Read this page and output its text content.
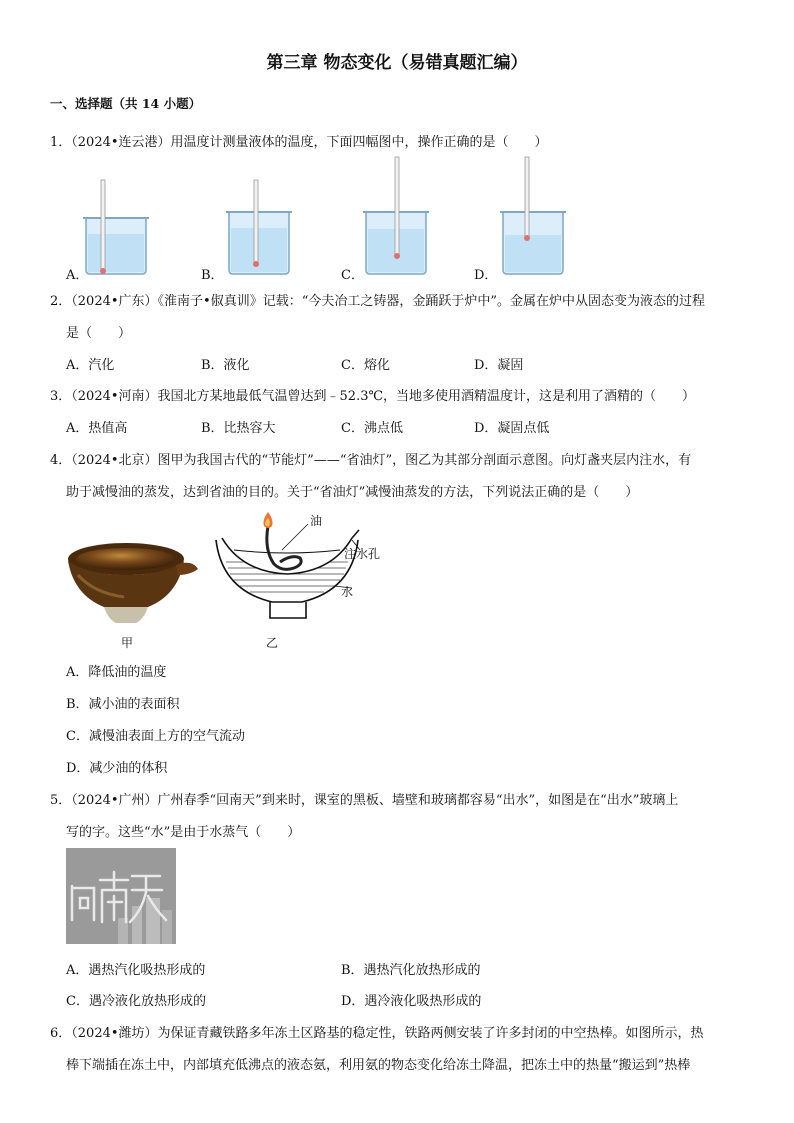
第三章 物态变化（易错真题汇编）
一、选择题（共 14 小题）
1．（2024•连云港）用温度计测量液体的温度，下面四幅图中，操作正确的是（　　）
A．	B．	C．	D．
2．（2024•广东）《淮南子•俶真训》记载：“今夫冶工之铸器，金踊跃于炉中”。金属在炉中从固态变为液态的过程
是（　　）
A．汽化	B．液化	C．熔化	D．凝固
3．（2024•河南）我国北方某地最低气温曾达到﹣52.3℃，当地多使用酒精温度计，这是利用了酒精的（　　）
A．热值高	B．比热容大	C．沸点低	D．凝固点低
4．（2024•北京）图甲为我国古代的“节能灯”——“省油灯”，图乙为其部分剖面示意图。向灯盏夹层内注水，有
助于减慢油的蒸发，达到省油的目的。关于“省油灯”减慢油蒸发的方法，下列说法正确的是（　　）
甲
油
注水孔
水
乙
A．降低油的温度
B．减小油的表面积
C．减慢油表面上方的空气流动
D．减少油的体积
5．（2024•广州）广州春季“回南天”到来时，课室的黑板、墙壁和玻璃都容易“出水”，如图是在“出水”玻璃上
写的字。这些“水”是由于水蒸气（　　）
A．遇热汽化吸热形成的	B．遇热汽化放热形成的
C．遇冷液化放热形成的	D．遇冷液化吸热形成的
6．（2024•潍坊）为保证青藏铁路多年冻土区路基的稳定性，铁路两侧安装了许多封闭的中空热棒。如图所示，热
棒下端插在冻土中，内部填充低沸点的液态氨，利用氨的物态变化给冻土降温，把冻土中的热量“搬运到”热棒
